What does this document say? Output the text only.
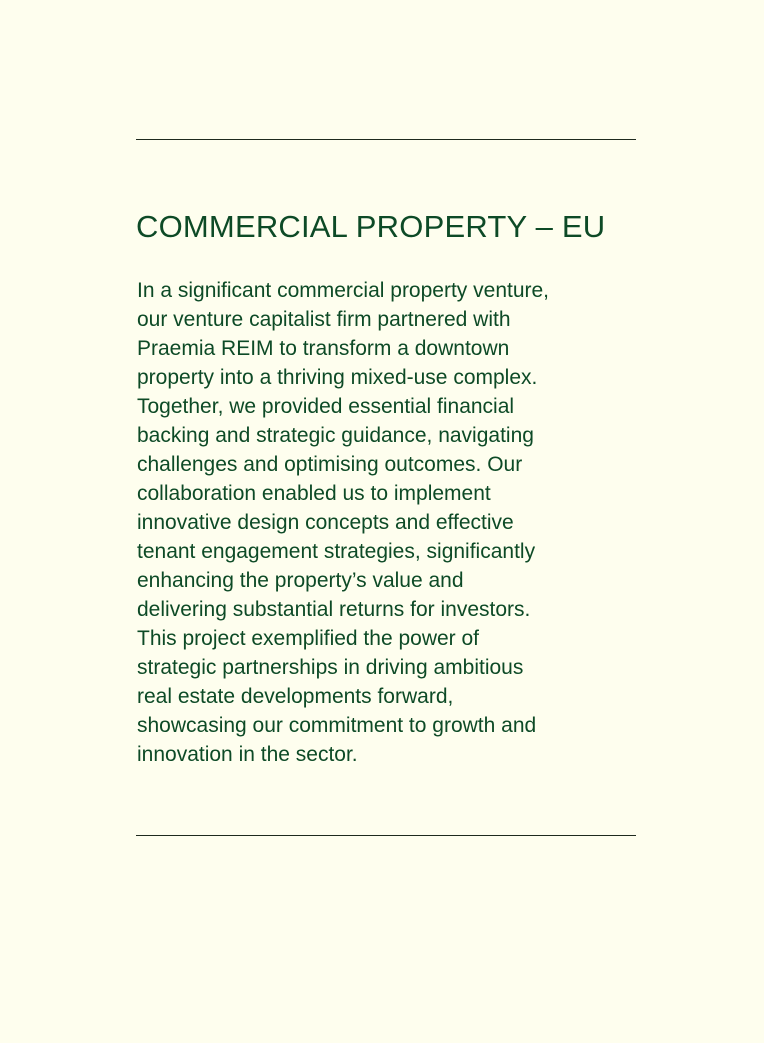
COMMERCIAL PROPERTY – EU

In a significant commercial property venture,
our venture capitalist firm partnered with
Praemia REIM to transform a downtown
property into a thriving mixed-use complex.
Together, we provided essential financial
backing and strategic guidance, navigating
challenges and optimising outcomes. Our
collaboration enabled us to implement
innovative design concepts and effective
tenant engagement strategies, significantly
enhancing the property’s value and
delivering substantial returns for investors.
This project exemplified the power of
strategic partnerships in driving ambitious
real estate developments forward,
showcasing our commitment to growth and
innovation in the sector.
